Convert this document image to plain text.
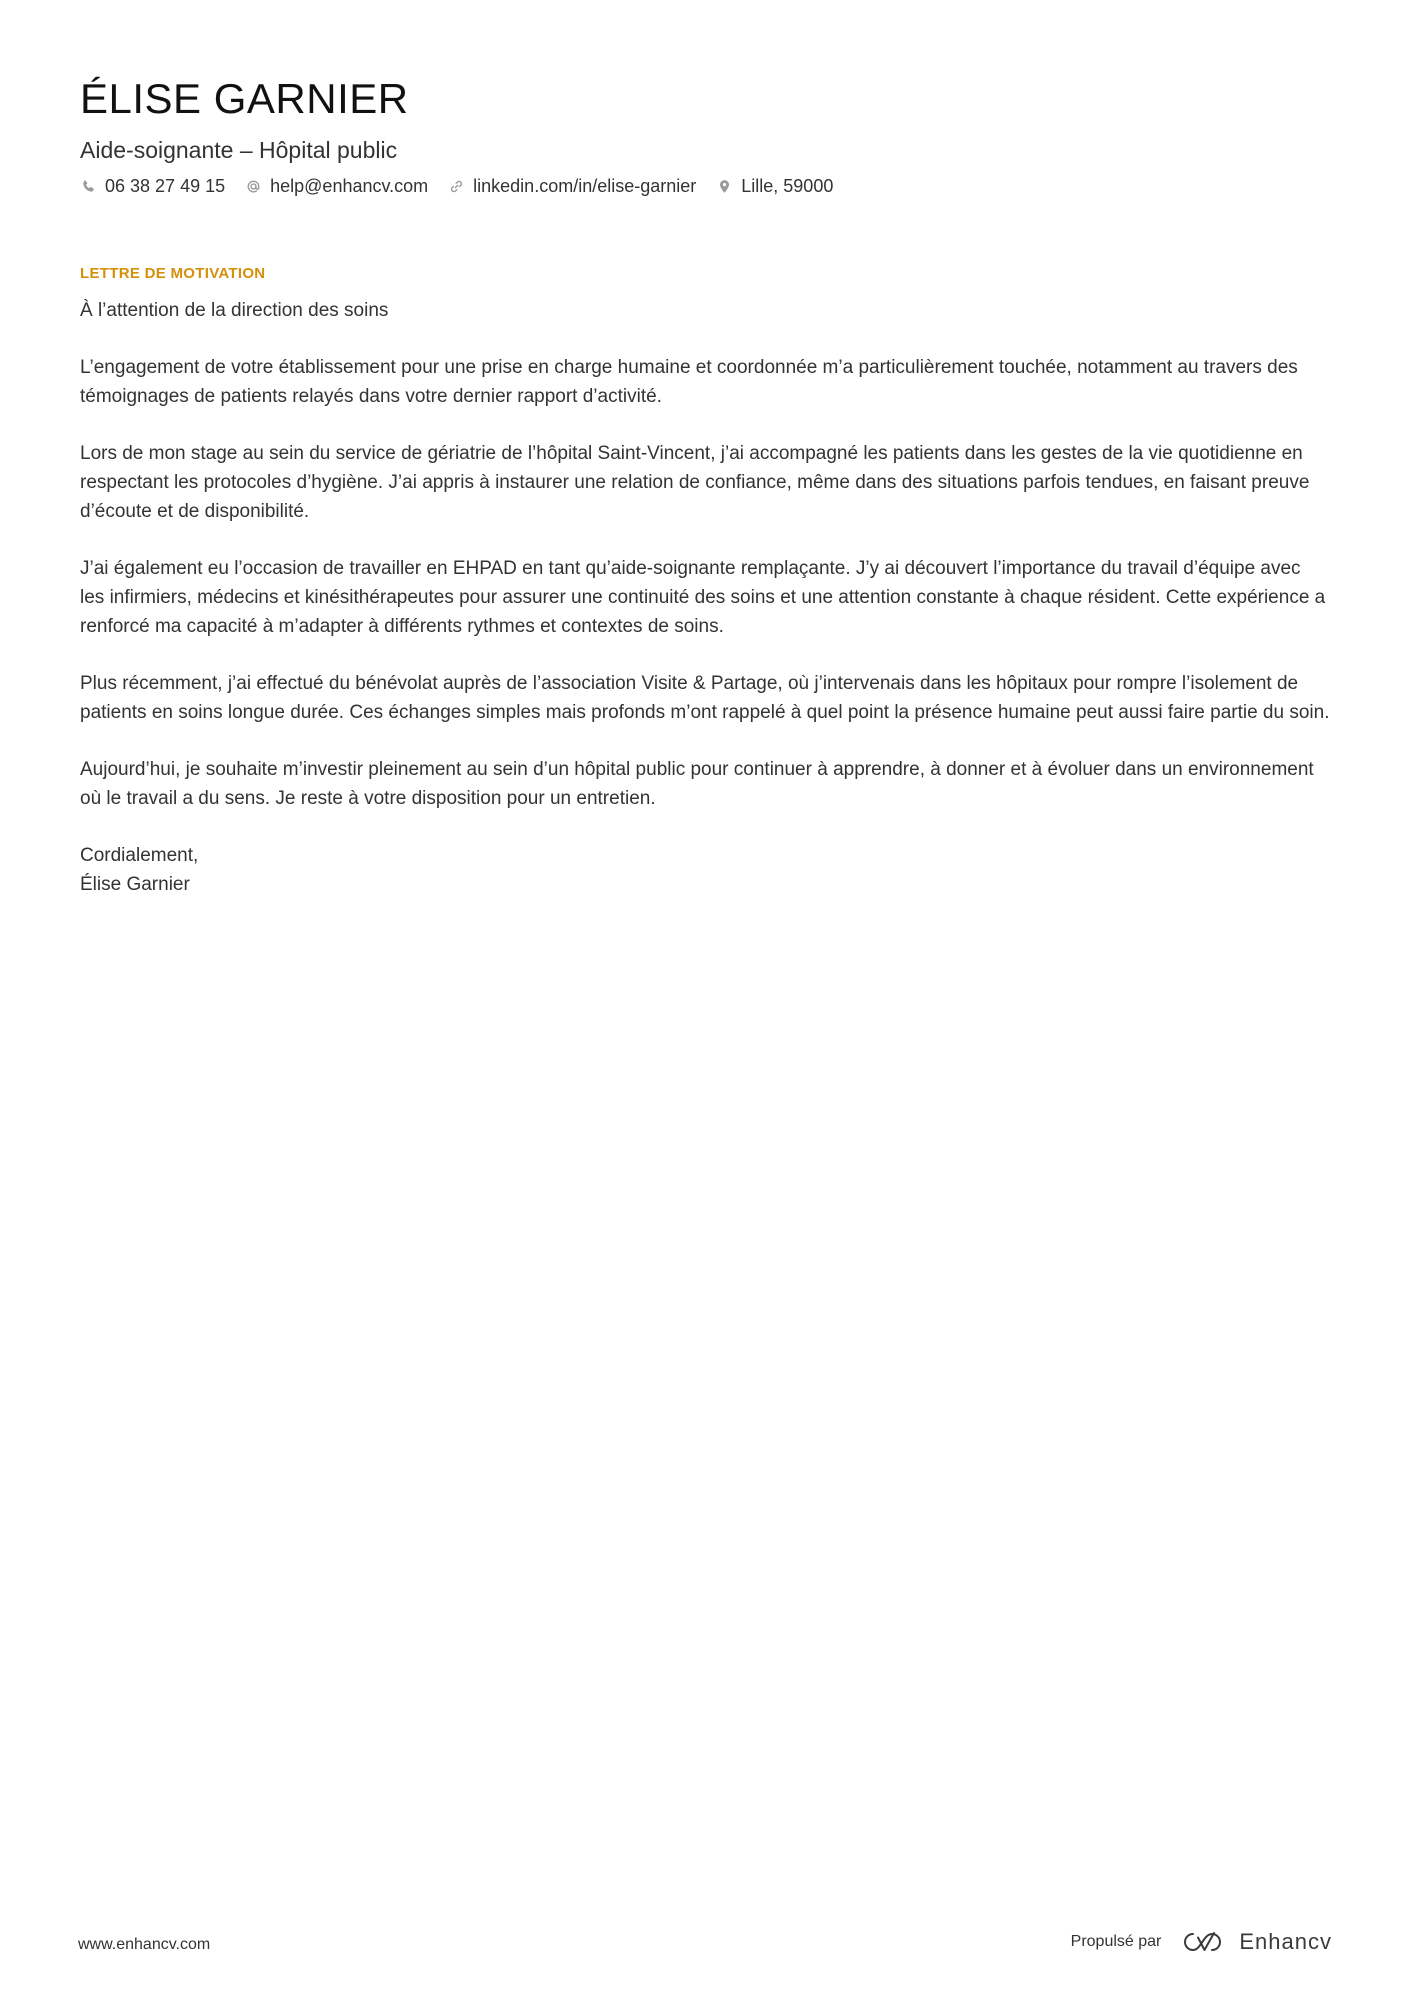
ÉLISE GARNIER
Aide-soignante – Hôpital public
06 38 27 49 15	help@enhancv.com	linkedin.com/in/elise-garnier	Lille, 59000
LETTRE DE MOTIVATION
À l’attention de la direction des soins

L’engagement de votre établissement pour une prise en charge humaine et coordonnée m’a particulièrement touchée, notamment au travers des témoignages de patients relayés dans votre dernier rapport d’activité.

Lors de mon stage au sein du service de gériatrie de l’hôpital Saint-Vincent, j’ai accompagné les patients dans les gestes de la vie quotidienne en respectant les protocoles d’hygiène. J’ai appris à instaurer une relation de confiance, même dans des situations parfois tendues, en faisant preuve d’écoute et de disponibilité.

J’ai également eu l’occasion de travailler en EHPAD en tant qu’aide-soignante remplaçante. J’y ai découvert l’importance du travail d’équipe avec les infirmiers, médecins et kinésithérapeutes pour assurer une continuité des soins et une attention constante à chaque résident. Cette expérience a renforcé ma capacité à m’adapter à différents rythmes et contextes de soins.

Plus récemment, j’ai effectué du bénévolat auprès de l’association Visite & Partage, où j’intervenais dans les hôpitaux pour rompre l’isolement de patients en soins longue durée. Ces échanges simples mais profonds m’ont rappelé à quel point la présence humaine peut aussi faire partie du soin.

Aujourd’hui, je souhaite m’investir pleinement au sein d’un hôpital public pour continuer à apprendre, à donner et à évoluer dans un environnement où le travail a du sens. Je reste à votre disposition pour un entretien.

Cordialement,
Élise Garnier
www.enhancv.com	Propulsé par	Enhancv
